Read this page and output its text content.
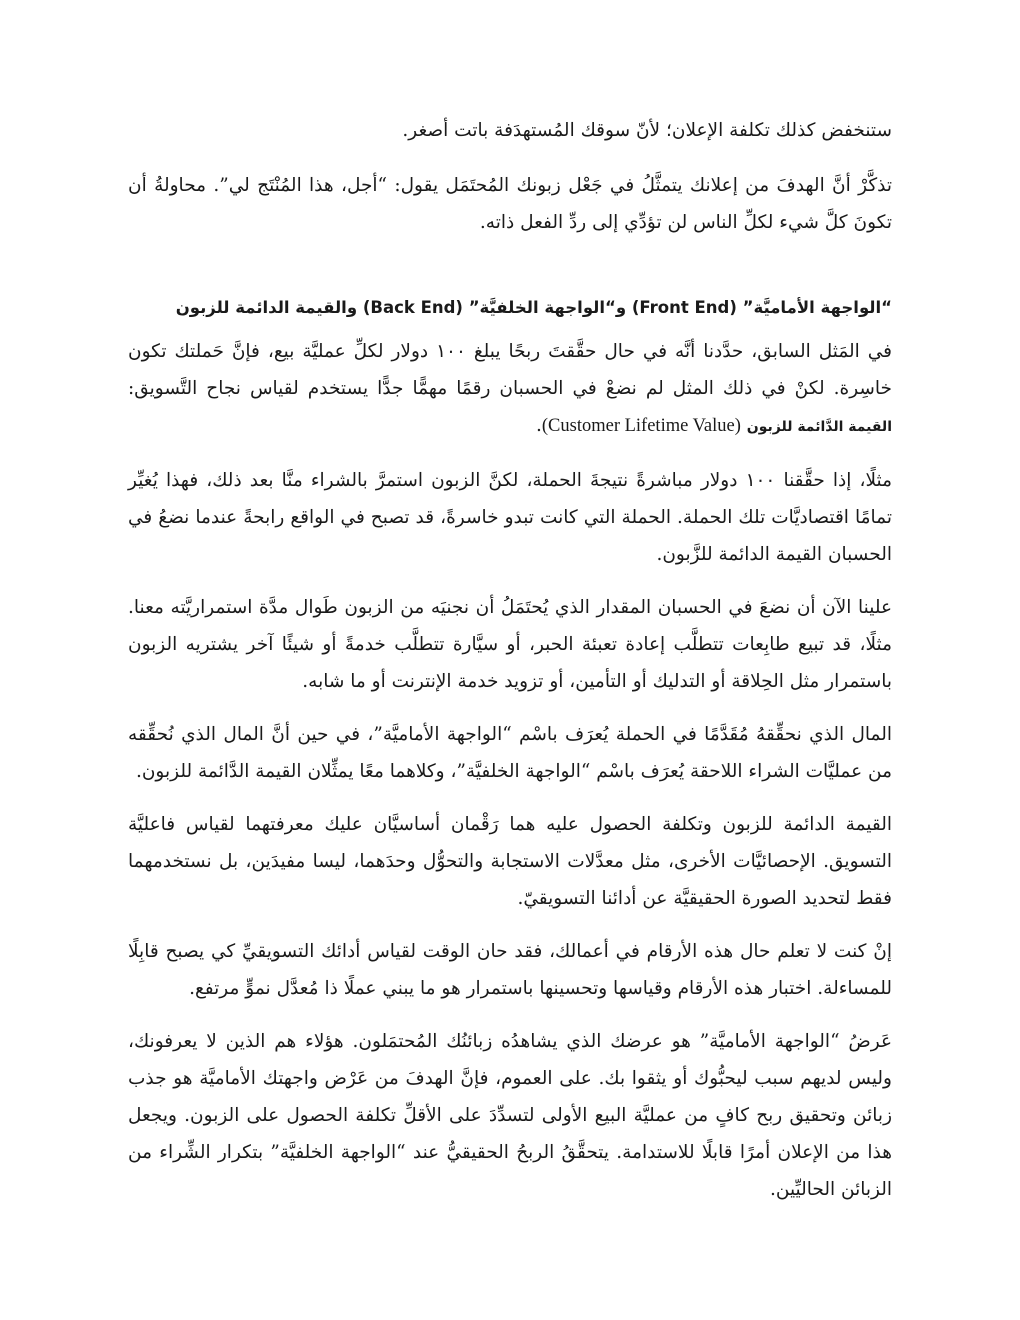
ستنخفض كذلك تكلفة الإعلان؛ لأنّ سوقك المُستهدَفة باتت أصغر.

تذكَّرْ أنَّ الهدفَ من إعلانك يتمثَّلُ في جَعْل زبونك المُحتَمَل يقول: “أجل، هذا المُنْتَج لي”. محاولةُ أن تكونَ كلَّ شيء لكلِّ الناس لن تؤدِّي إلى ردِّ الفعل ذاته.

“الواجهة الأماميَّة” (Front End) و“الواجهة الخلفيَّة” (Back End) والقيمة الدائمة للزبون

في المَثل السابق، حدَّدنا أنَّه في حال حقَّقتَ ربحًا يبلغ ١٠٠ دولار لكلِّ عمليَّة بيع، فإنَّ حَملتك تكون خاسِرة. لكنْ في ذلك المثل لم نضعْ في الحسبان رقمًا مهمًّا جدًّا يستخدم لقياس نجاح التَّسويق: القيمة الدَّائمة للزبون (Customer Lifetime Value).

مثلًا، إذا حقَّقنا ١٠٠ دولار مباشرةً نتيجةَ الحملة، لكنَّ الزبون استمرَّ بالشراء منَّا بعد ذلك، فهذا يُغيِّر تمامًا اقتصاديَّات تلك الحملة. الحملة التي كانت تبدو خاسرةً، قد تصبح في الواقع رابحةً عندما نضعُ في الحسبان القيمة الدائمة للزَّبون.

علينا الآن أن نضعَ في الحسبان المقدار الذي يُحتَمَلُ أن نجنيَه من الزبون طَوال مدَّة استمراريَّته معنا. مثلًا، قد تبيع طابِعات تتطلَّب إعادة تعبئة الحبر، أو سيَّارة تتطلَّب خدمةً أو شيئًا آخر يشتريه الزبون باستمرار مثل الحِلاقة أو التدليك أو التأمين، أو تزويد خدمة الإنترنت أو ما شابه.

المال الذي نحقِّقهُ مُقَدَّمًا في الحملة يُعرَف باسْم “الواجهة الأماميَّة”، في حين أنَّ المال الذي نُحقِّقه من عمليَّات الشراء اللاحقة يُعرَف باسْم “الواجهة الخلفيَّة”، وكلاهما معًا يمثِّلان القيمة الدَّائمة للزبون.

القيمة الدائمة للزبون وتكلفة الحصول عليه هما رَقْمان أساسيَّان عليك معرفتهما لقياس فاعليَّة التسويق. الإحصائيَّات الأخرى، مثل معدَّلات الاستجابة والتحوُّل وحدَهما، ليسا مفيدَين، بل نستخدمهما فقط لتحديد الصورة الحقيقيَّة عن أدائنا التسويقيّ.

إنْ كنت لا تعلم حال هذه الأرقام في أعمالك، فقد حان الوقت لقياس أدائك التسويقيِّ كي يصبح قابِلًا للمساءلة. اختبار هذه الأرقام وقياسها وتحسينها باستمرار هو ما يبني عملًا ذا مُعدَّل نموٍّ مرتفع.

عَرضُ “الواجهة الأماميَّة” هو عرضك الذي يشاهدُه زبائنُك المُحتمَلون. هؤلاء هم الذين لا يعرفونك، وليس لديهم سبب ليحبُّوك أو يثقوا بك. على العموم، فإنَّ الهدفَ من عَرْض واجهتك الأماميَّة هو جذب زبائن وتحقيق ربح كافٍ من عمليَّة البيع الأولى لتسدِّدَ على الأقلِّ تكلفة الحصول على الزبون. ويجعل هذا من الإعلان أمرًا قابلًا للاستدامة. يتحقَّقُ الربحُ الحقيقيُّ عند “الواجهة الخلفيَّة” بتكرار الشِّراء من الزبائن الحاليِّين.
